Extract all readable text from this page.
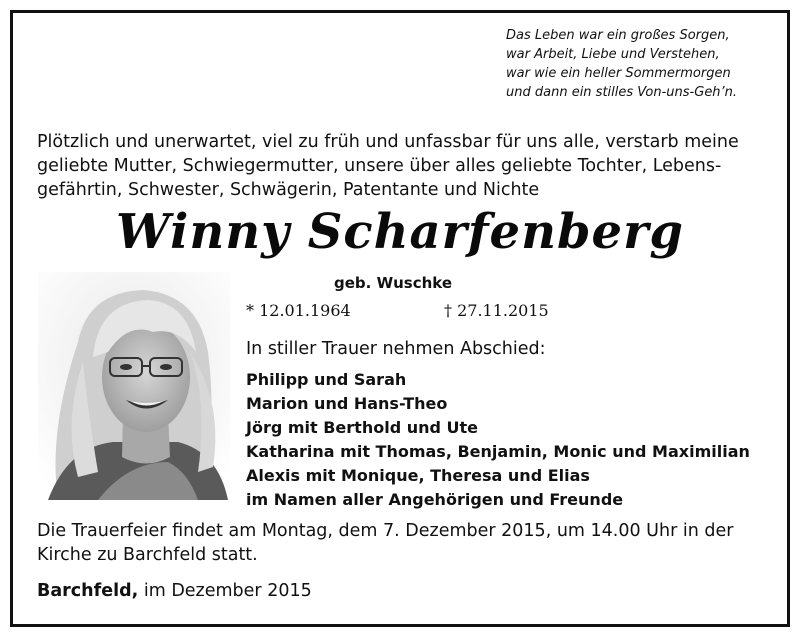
Das Leben war ein großes Sorgen,
war Arbeit, Liebe und Verstehen,
war wie ein heller Sommermorgen
und dann ein stilles Von-uns-Geh’n.
Plötzlich und unerwartet, viel zu früh und unfassbar für uns alle, verstarb meine
geliebte Mutter, Schwiegermutter, unsere über alles geliebte Tochter, Lebens-
gefährtin, Schwester, Schwägerin, Patentante und Nichte
Winny Scharfenberg
geb. Wuschke
* 12.01.1964	† 27.11.2015
In stiller Trauer nehmen Abschied:
Philipp und Sarah
Marion und Hans-Theo
Jörg mit Berthold und Ute
Katharina mit Thomas, Benjamin, Monic und Maximilian
Alexis mit Monique, Theresa und Elias
im Namen aller Angehörigen und Freunde
Die Trauerfeier findet am Montag, dem 7. Dezember 2015, um 14.00 Uhr in der
Kirche zu Barchfeld statt.
Barchfeld, im Dezember 2015
